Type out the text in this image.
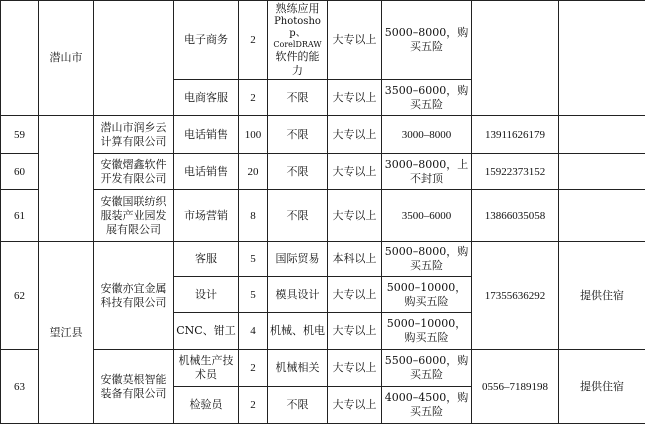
	潜山市		电子商务	2	熟练应用
Photoshop、
CorelDRAW
软件的能
力	大专以上	5000–8000，购买五险		
			电商客服	2	不限	大专以上	3500–6000，购买五险		
59		潜山市润乡云计算有限公司	电话销售	100	不限	大专以上	3000–8000	13911626179	
60		安徽熠鑫软件开发有限公司	电话销售	20	不限	大专以上	3000–8000，上不封顶	15922373152	
61		安徽国联纺织服装产业园发展有限公司	市场营销	8	不限	大专以上	3500–6000	13866035058	
62	望江县	安徽亦宜金属科技有限公司	客服	5	国际贸易	本科以上	5000–8000，购买五险	17355636292	提供住宿
			设计	5	模具设计	大专以上	5000–10000，购买五险		
			CNC、钳工	4	机械、机电	大专以上	5000–10000，购买五险		
63		安徽莫根智能装备有限公司	机械生产技术员	2	机械相关	大专以上	5500–6000，购买五险	0556–7189198	提供住宿
			检验员	2	不限	大专以上	4000–4500，购买五险		
